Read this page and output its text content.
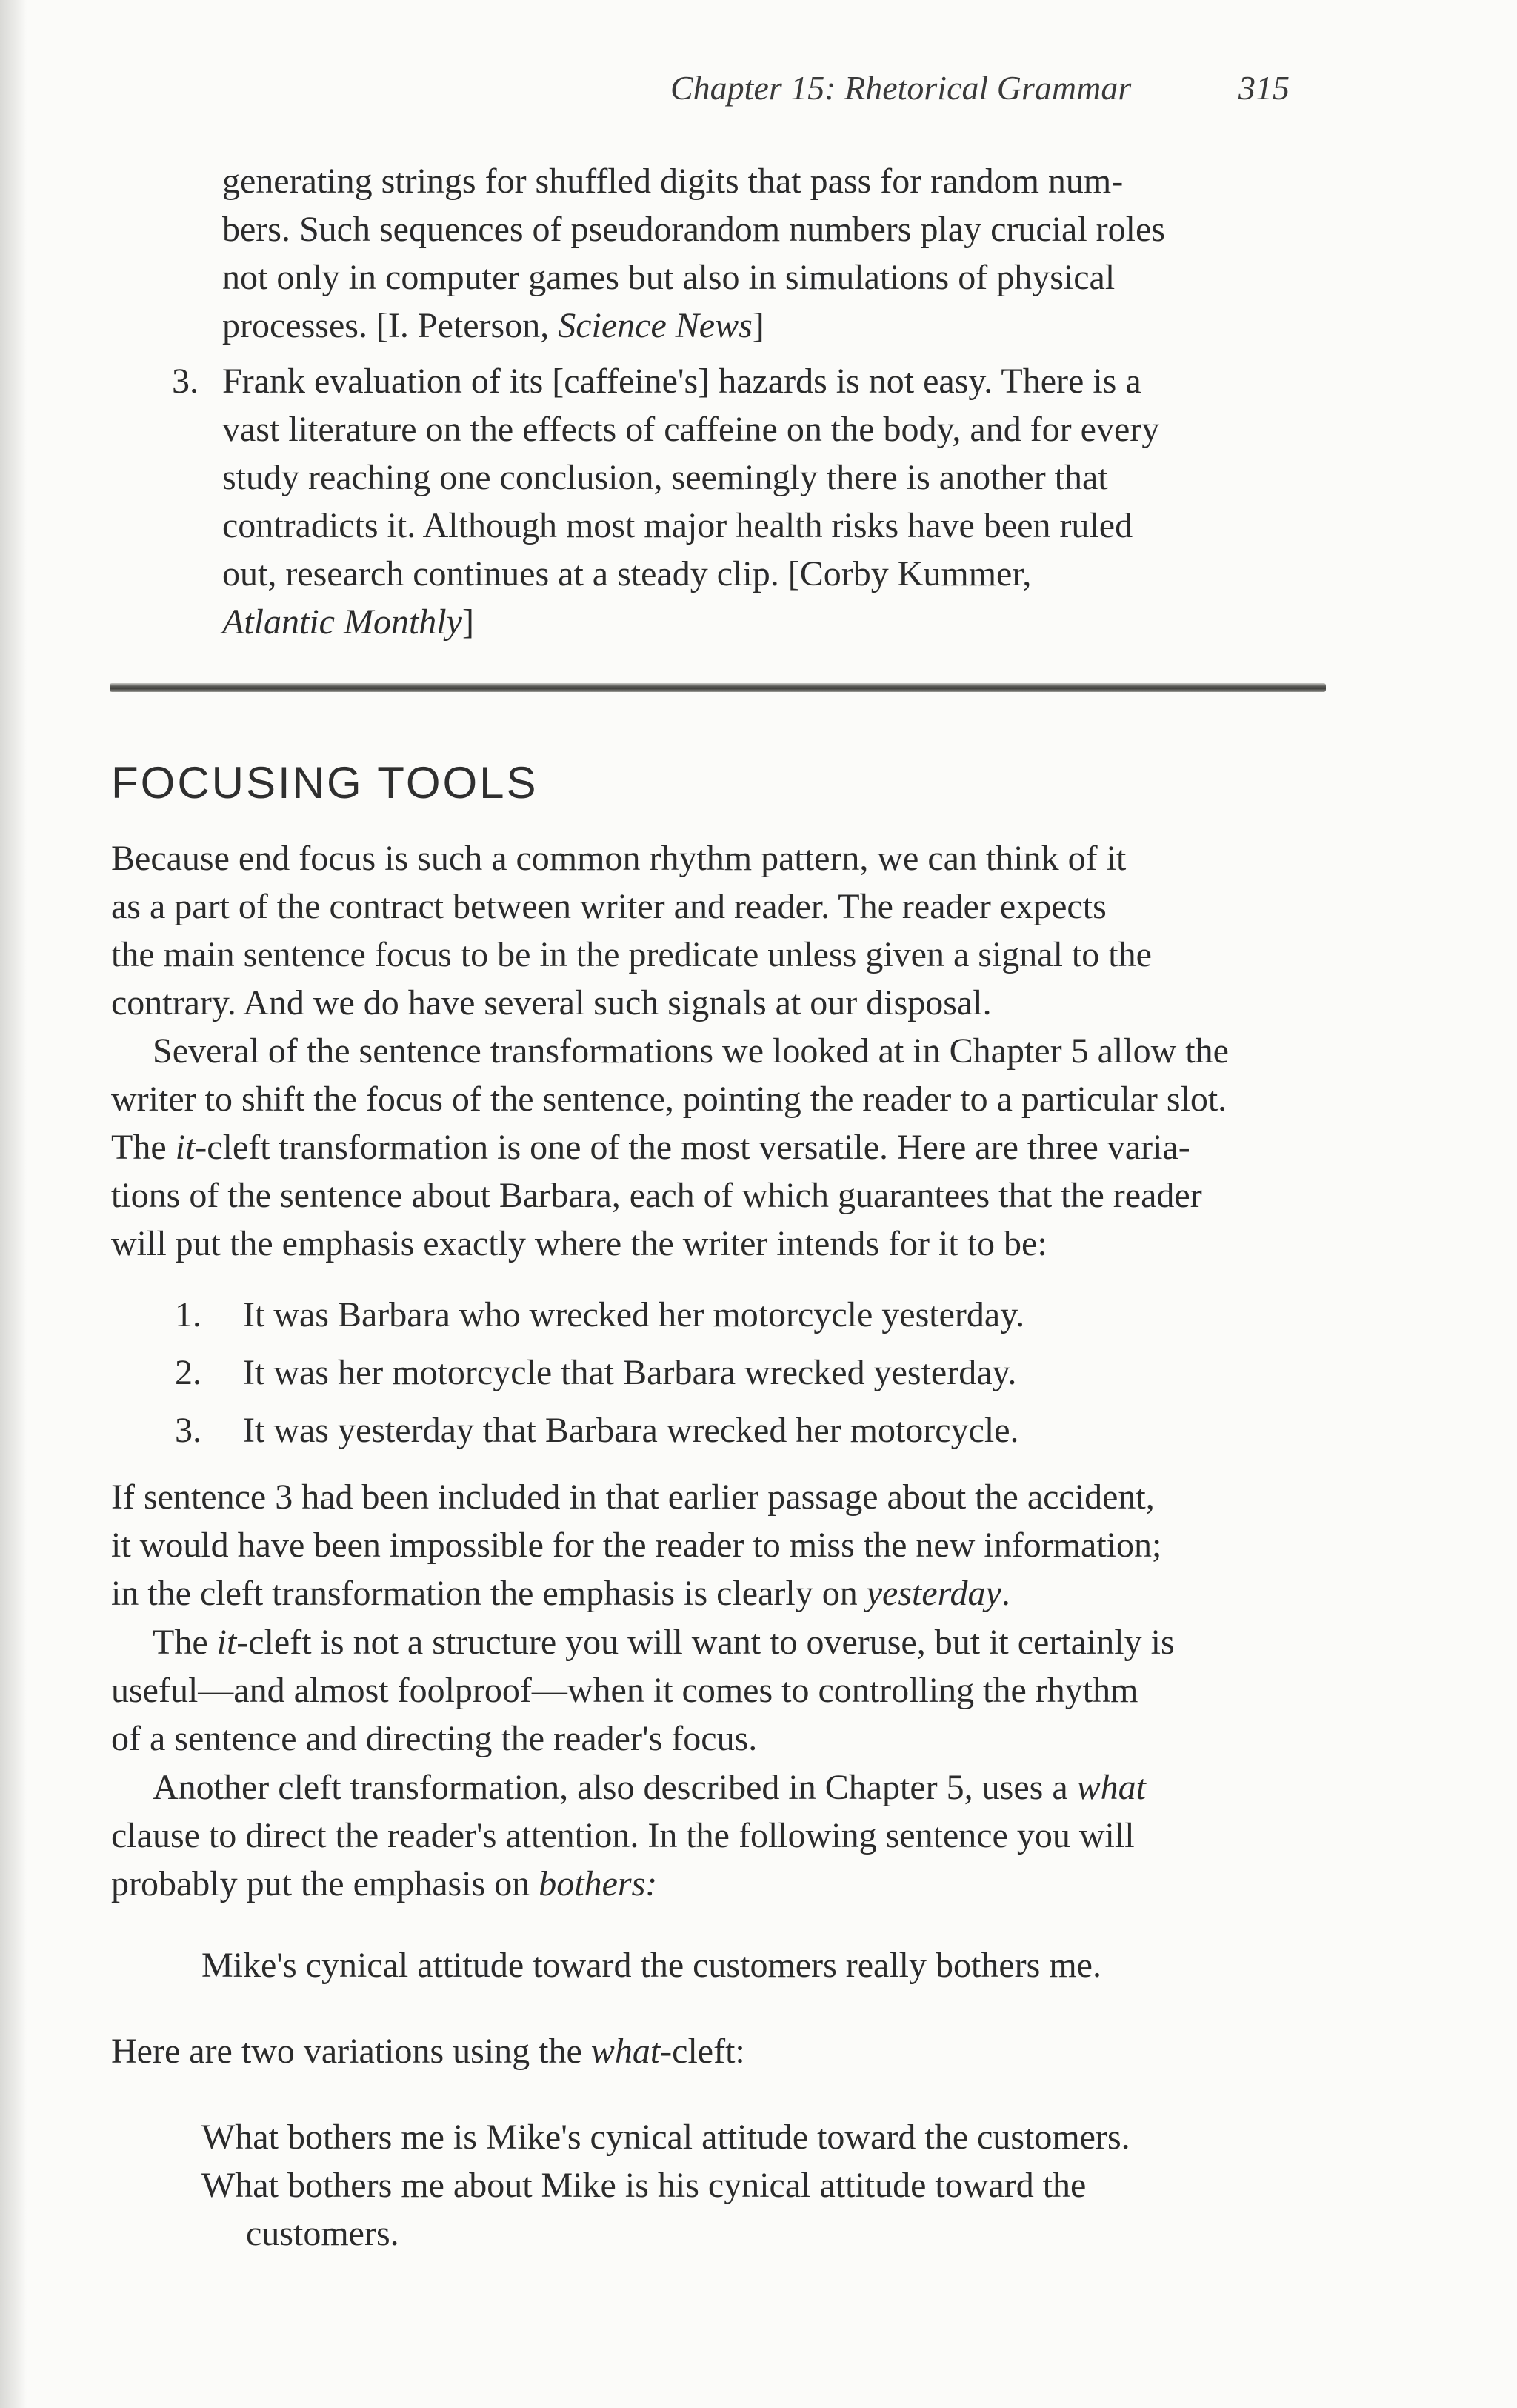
Chapter 15: Rhetorical Grammar	315
generating strings for shuffled digits that pass for random num-
bers. Such sequences of pseudorandom numbers play crucial roles
not only in computer games but also in simulations of physical
processes. [I. Peterson, Science News]
3. Frank evaluation of its [caffeine's] hazards is not easy. There is a
vast literature on the effects of caffeine on the body, and for every
study reaching one conclusion, seemingly there is another that
contradicts it. Although most major health risks have been ruled
out, research continues at a steady clip. [Corby Kummer,
Atlantic Monthly]
FOCUSING TOOLS
Because end focus is such a common rhythm pattern, we can think of it
as a part of the contract between writer and reader. The reader expects
the main sentence focus to be in the predicate unless given a signal to the
contrary. And we do have several such signals at our disposal.
Several of the sentence transformations we looked at in Chapter 5 allow the
writer to shift the focus of the sentence, pointing the reader to a particular slot.
The it-cleft transformation is one of the most versatile. Here are three varia-
tions of the sentence about Barbara, each of which guarantees that the reader
will put the emphasis exactly where the writer intends for it to be:
1. It was Barbara who wrecked her motorcycle yesterday.
2. It was her motorcycle that Barbara wrecked yesterday.
3. It was yesterday that Barbara wrecked her motorcycle.
If sentence 3 had been included in that earlier passage about the accident,
it would have been impossible for the reader to miss the new information;
in the cleft transformation the emphasis is clearly on yesterday.
The it-cleft is not a structure you will want to overuse, but it certainly is
useful—and almost foolproof—when it comes to controlling the rhythm
of a sentence and directing the reader's focus.
Another cleft transformation, also described in Chapter 5, uses a what
clause to direct the reader's attention. In the following sentence you will
probably put the emphasis on bothers:
Mike's cynical attitude toward the customers really bothers me.
Here are two variations using the what-cleft:
What bothers me is Mike's cynical attitude toward the customers.
What bothers me about Mike is his cynical attitude toward the
customers.
